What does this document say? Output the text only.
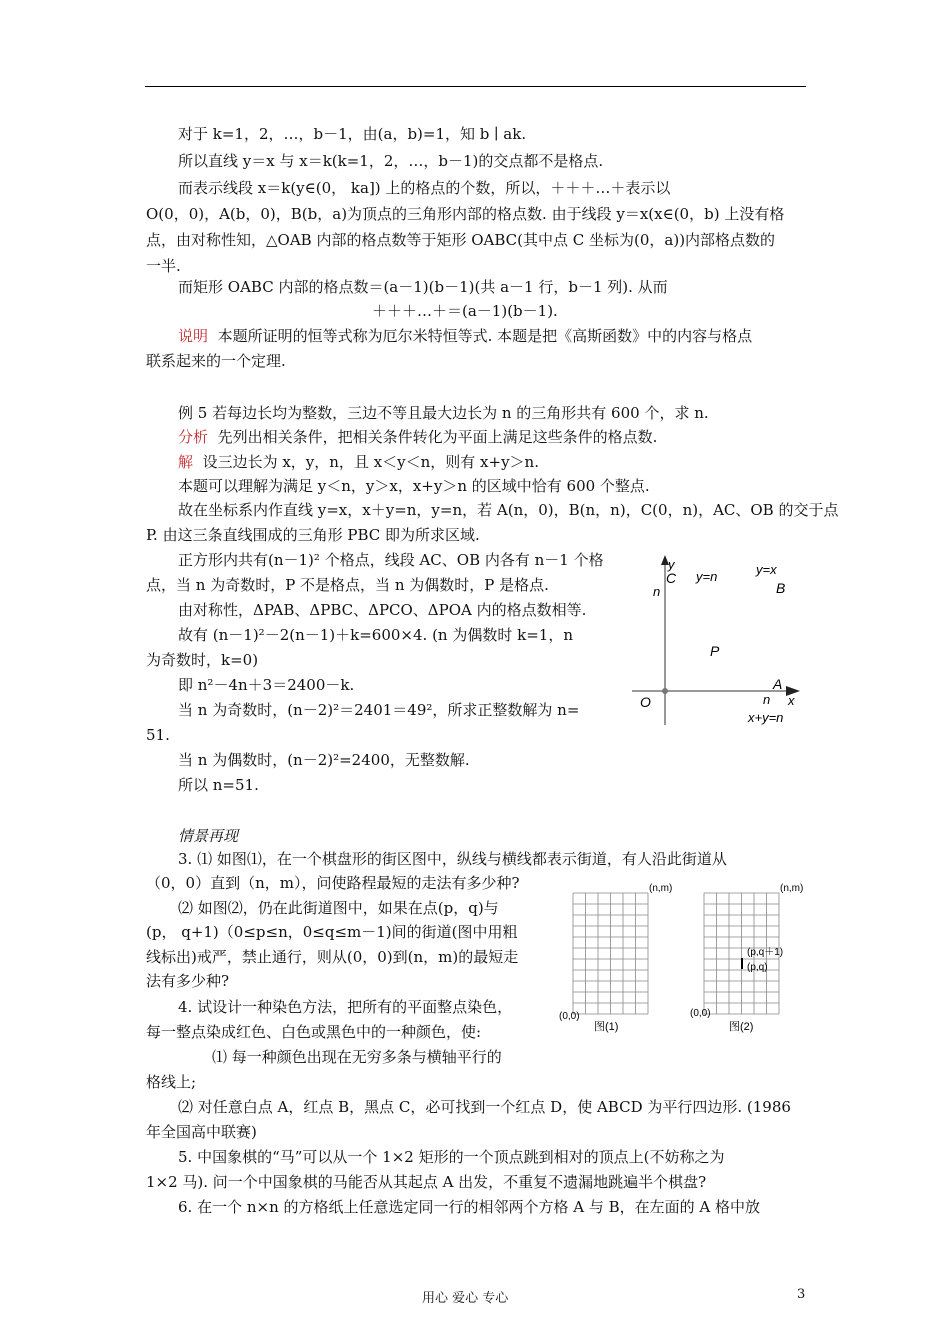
对于 k=1，2，…，b－1，由(a，b)=1，知 b ∣ ak.
所以直线 y＝x 与 x＝k(k=1，2，…，b－1)的交点都不是格点.
而表示线段 x＝k(y∈(0， ka]) 上的格点的个数，所以，＋＋＋…＋表示以
O(0，0)，A(b，0)，B(b，a)为顶点的三角形内部的格点数. 由于线段 y＝x(x∈(0，b) 上没有格
点，由对称性知，△OAB 内部的格点数等于矩形 OABC(其中点 C 坐标为(0，a))内部格点数的
一半.
而矩形 OABC 内部的格点数＝(a－1)(b－1)(共 a－1 行，b－1 列). 从而
＋＋＋…＋＝(a－1)(b－1).
说明 本题所证明的恒等式称为厄尔米特恒等式. 本题是把《高斯函数》中的内容与格点
联系起来的一个定理.
例 5 若每边长均为整数，三边不等且最大边长为 n 的三角形共有 600 个，求 n.
分析 先列出相关条件，把相关条件转化为平面上满足这些条件的格点数.
解 设三边长为 x，y，n，且 x＜y＜n，则有 x+y＞n.
本题可以理解为满足 y＜n，y＞x，x+y＞n 的区域中恰有 600 个整点.
故在坐标系内作直线 y=x，x＋y=n，y=n，若 A(n，0)，B(n，n)，C(0，n)，AC、OB 的交于点
P. 由这三条直线围成的三角形 PBC 即为所求区域.
正方形内共有(n－1)² 个格点，线段 AC、OB 内各有 n－1 个格
点，当 n 为奇数时，P 不是格点，当 n 为偶数时，P 是格点.
由对称性，ΔPAB、ΔPBC、ΔPCO、ΔPOA 内的格点数相等.
故有 (n－1)²－2(n－1)＋k=600×4. (n 为偶数时 k=1，n
为奇数时，k=0)
即 n²－4n＋3＝2400－k.
当 n 为奇数时，(n－2)²＝2401＝49²，所求正整数解为 n=
51.
当 n 为偶数时，(n－2)²=2400，无整数解.
所以 n=51.
情景再现
3. ⑴ 如图⑴，在一个棋盘形的街区图中，纵线与横线都表示街道，有人沿此街道从
（0，0）直到（n，m），问使路程最短的走法有多少种?
⑵ 如图⑵，仍在此街道图中，如果在点(p，q)与
(p， q+1)（0≤p≤n，0≤q≤m－1)间的街道(图中用粗
线标出)戒严，禁止通行，则从(0，0)到(n，m)的最短走
法有多少种?
4. 试设计一种染色方法，把所有的平面整点染色，
每一整点染成红色、白色或黑色中的一种颜色，使:
⑴ 每一种颜色出现在无穷多条与横轴平行的
格线上;
⑵ 对任意白点 A，红点 B，黑点 C，必可找到一个红点 D，使 ABCD 为平行四边形. (1986
年全国高中联赛)
5. 中国象棋的“马”可以从一个 1×2 矩形的一个顶点跳到相对的顶点上(不妨称之为
1×2 马). 问一个中国象棋的马能否从其起点 A 出发，不重复不遗漏地跳遍半个棋盘?
6. 在一个 n×n 的方格纸上任意选定同一行的相邻两个方格 A 与 B，在左面的 A 格中放
y
C y=n	y=x
B
n
P
A
O	x
n
x+y=n
(n,m)
(0,0)
图(1)
(n,m)
(p,q＋1)
(p,q)
(0,0)
图(2)
用心 爱心 专心	3
